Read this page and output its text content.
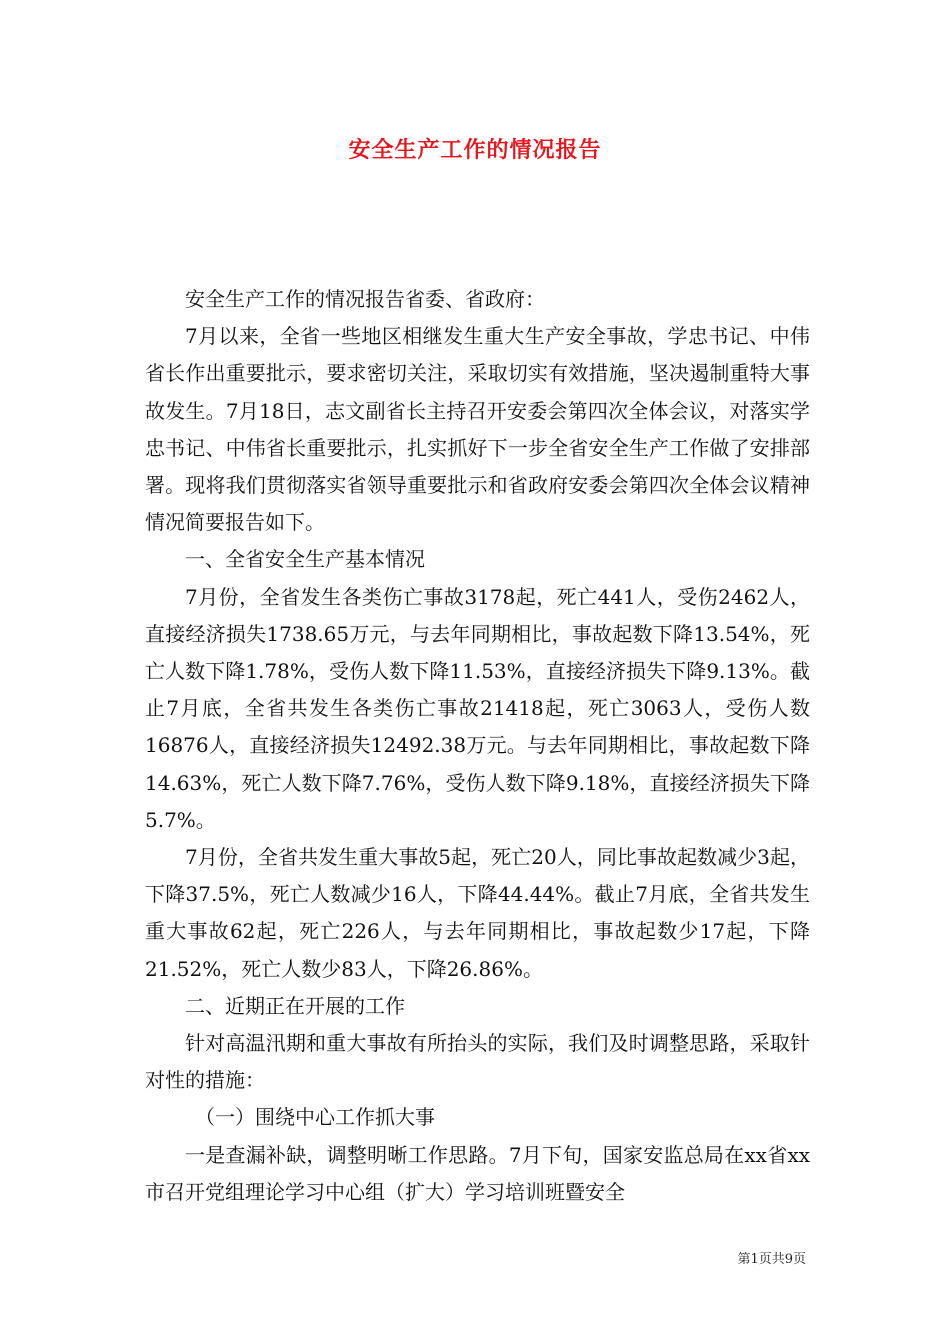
安全生产工作的情况报告

安全生产工作的情况报告省委、省政府：

7月以来，全省一些地区相继发生重大生产安全事故，学忠书记、中伟省长作出重要批示，要求密切关注，采取切实有效措施，坚决遏制重特大事故发生。7月18日，志文副省长主持召开安委会第四次全体会议，对落实学忠书记、中伟省长重要批示，扎实抓好下一步全省安全生产工作做了安排部署。现将我们贯彻落实省领导重要批示和省政府安委会第四次全体会议精神情况简要报告如下。

一、全省安全生产基本情况

7月份，全省发生各类伤亡事故3178起，死亡441人，受伤2462人，直接经济损失1738.65万元，与去年同期相比，事故起数下降13.54%，死亡人数下降1.78%，受伤人数下降11.53%，直接经济损失下降9.13%。截止7月底，全省共发生各类伤亡事故21418起，死亡3063人，受伤人数16876人，直接经济损失12492.38万元。与去年同期相比，事故起数下降14.63%，死亡人数下降7.76%，受伤人数下降9.18%，直接经济损失下降5.7%。

7月份，全省共发生重大事故5起，死亡20人，同比事故起数减少3起，下降37.5%，死亡人数减少16人，下降44.44%。截止7月底，全省共发生重大事故62起，死亡226人，与去年同期相比，事故起数少17起，下降21.52%，死亡人数少83人，下降26.86%。

二、近期正在开展的工作

针对高温汛期和重大事故有所抬头的实际，我们及时调整思路，采取针对性的措施：

（一）围绕中心工作抓大事

一是查漏补缺，调整明晰工作思路。7月下旬，国家安监总局在xx省xx市召开党组理论学习中心组（扩大）学习培训班暨安全

第1页共9页
